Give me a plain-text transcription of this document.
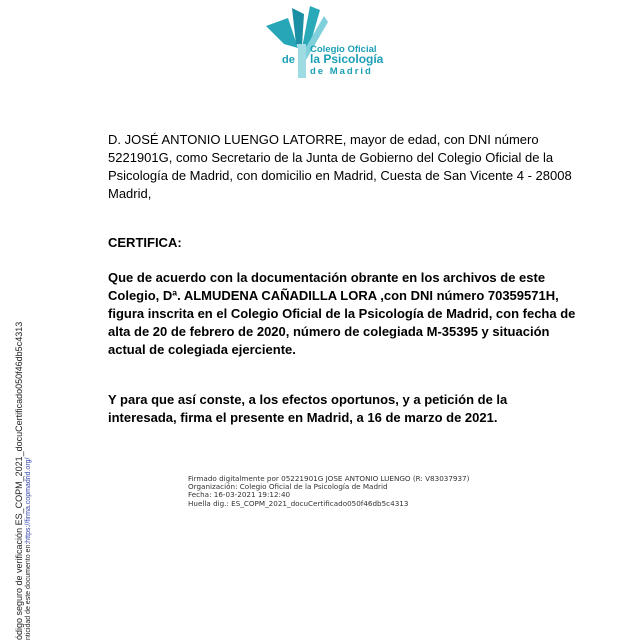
Colegio Oficial
de la Psicología
de Madrid
D. JOSÉ ANTONIO LUENGO LATORRE, mayor de edad, con DNI número 5221901G, como Secretario de la Junta de Gobierno del Colegio Oficial de la Psicología de Madrid, con domicilio en Madrid, Cuesta de San Vicente 4 - 28008 Madrid,
CERTIFICA:
Que de acuerdo con la documentación obrante en los archivos de este Colegio, Dª. ALMUDENA CAÑADILLA LORA ,con DNI número 70359571H, figura inscrita en el Colegio Oficial de la Psicología de Madrid, con fecha de alta de 20 de febrero de 2020, número de colegiada M-35395 y situación actual de colegiada ejerciente.
Y para que así conste, a los efectos oportunos, y a petición de la interesada, firma el presente en Madrid, a 16 de marzo de 2021.
Firmado digitalmente por 05221901G JOSE ANTONIO LUENGO (R: V83037937)
Organización: Colegio Oficial de la Psicología de Madrid
Fecha: 16-03-2021 19:12:40
Huella dig.: ES_COPM_2021_docuCertificado050f46db5c4313
ódigo seguro de verificación ES_COPM_2021_docuCertificado050f46db5c4313 nticidad de este documento en:https://firma.copmadrid.org/
